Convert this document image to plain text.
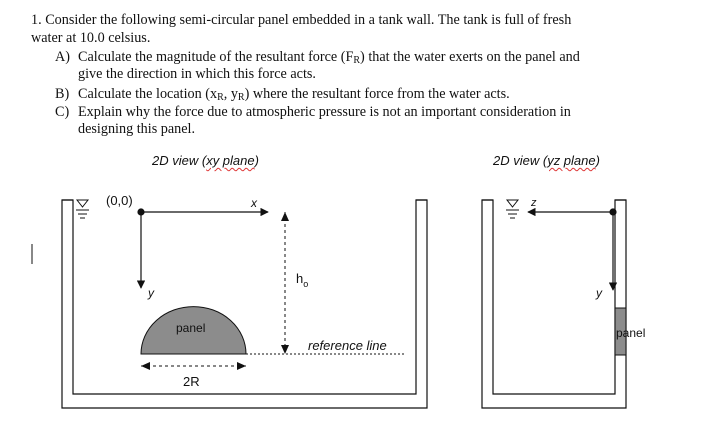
1. Consider the following semi-circular panel embedded in a tank wall. The tank is full of fresh
water at 10.0 celsius.
A) Calculate the magnitude of the resultant force $(F_R)$ that the water exerts on the panel and
give the direction in which this force acts.
B) Calculate the location ($x_R$, $y_R$) where the resultant force from the water acts.
C) Explain why the force due to atmospheric pressure is not an important consideration in
designing this panel.
2D view (xy plane)	2D view (yz plane)
(0,0)	x
y
$h_o$
reference line
panel
2R
z
y
panel
